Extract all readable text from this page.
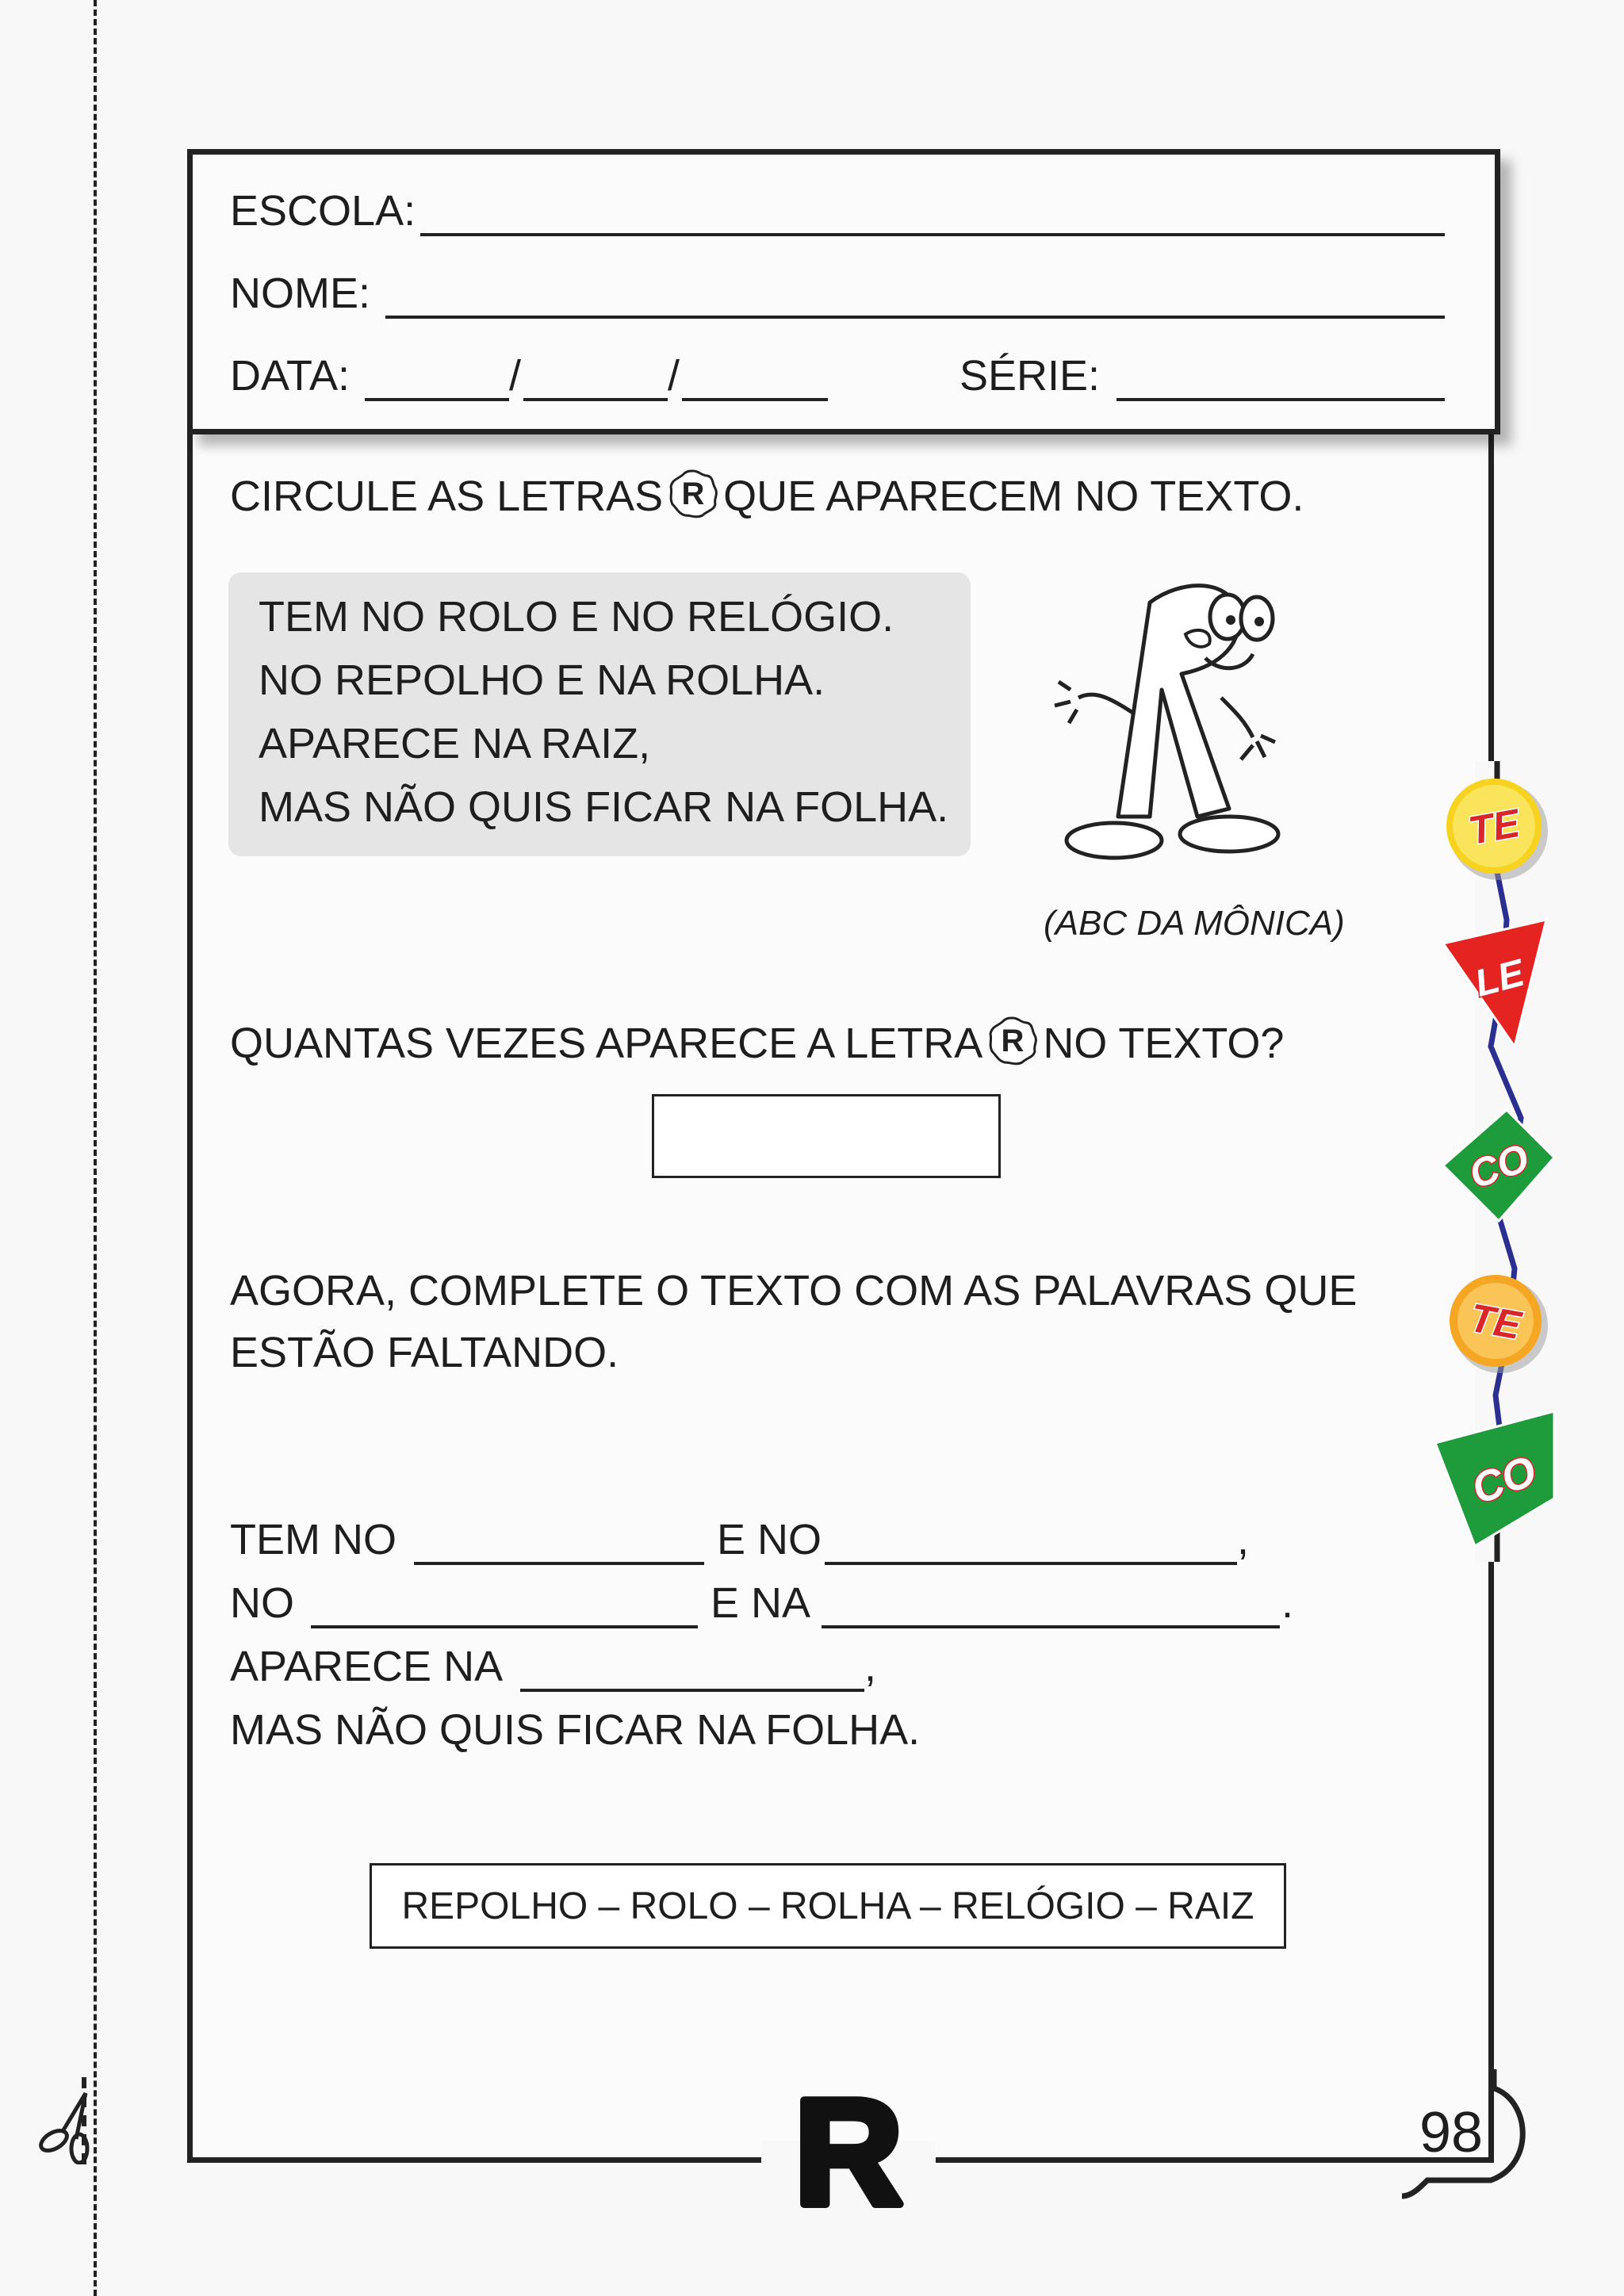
ESCOLA:
NOME:
DATA:	/	/	SÉRIE:
CIRCULE AS LETRAS R QUE APARECEM NO TEXTO.
TEM NO ROLO E NO RELÓGIO.
NO REPOLHO E NA ROLHA.
APARECE NA RAIZ,
MAS NÃO QUIS FICAR NA FOLHA.
(ABC DA MÔNICA)
QUANTAS VEZES APARECE A LETRA R NO TEXTO?
AGORA, COMPLETE O TEXTO COM AS PALAVRAS QUE
ESTÃO FALTANDO.
TEM NO	E NO	,
NO	E NA	.
APARECE NA	,
MAS NÃO QUIS FICAR NA FOLHA.
REPOLHO – ROLO – ROLHA – RELÓGIO – RAIZ
TE
LE
CO
TE
CO
98
R
